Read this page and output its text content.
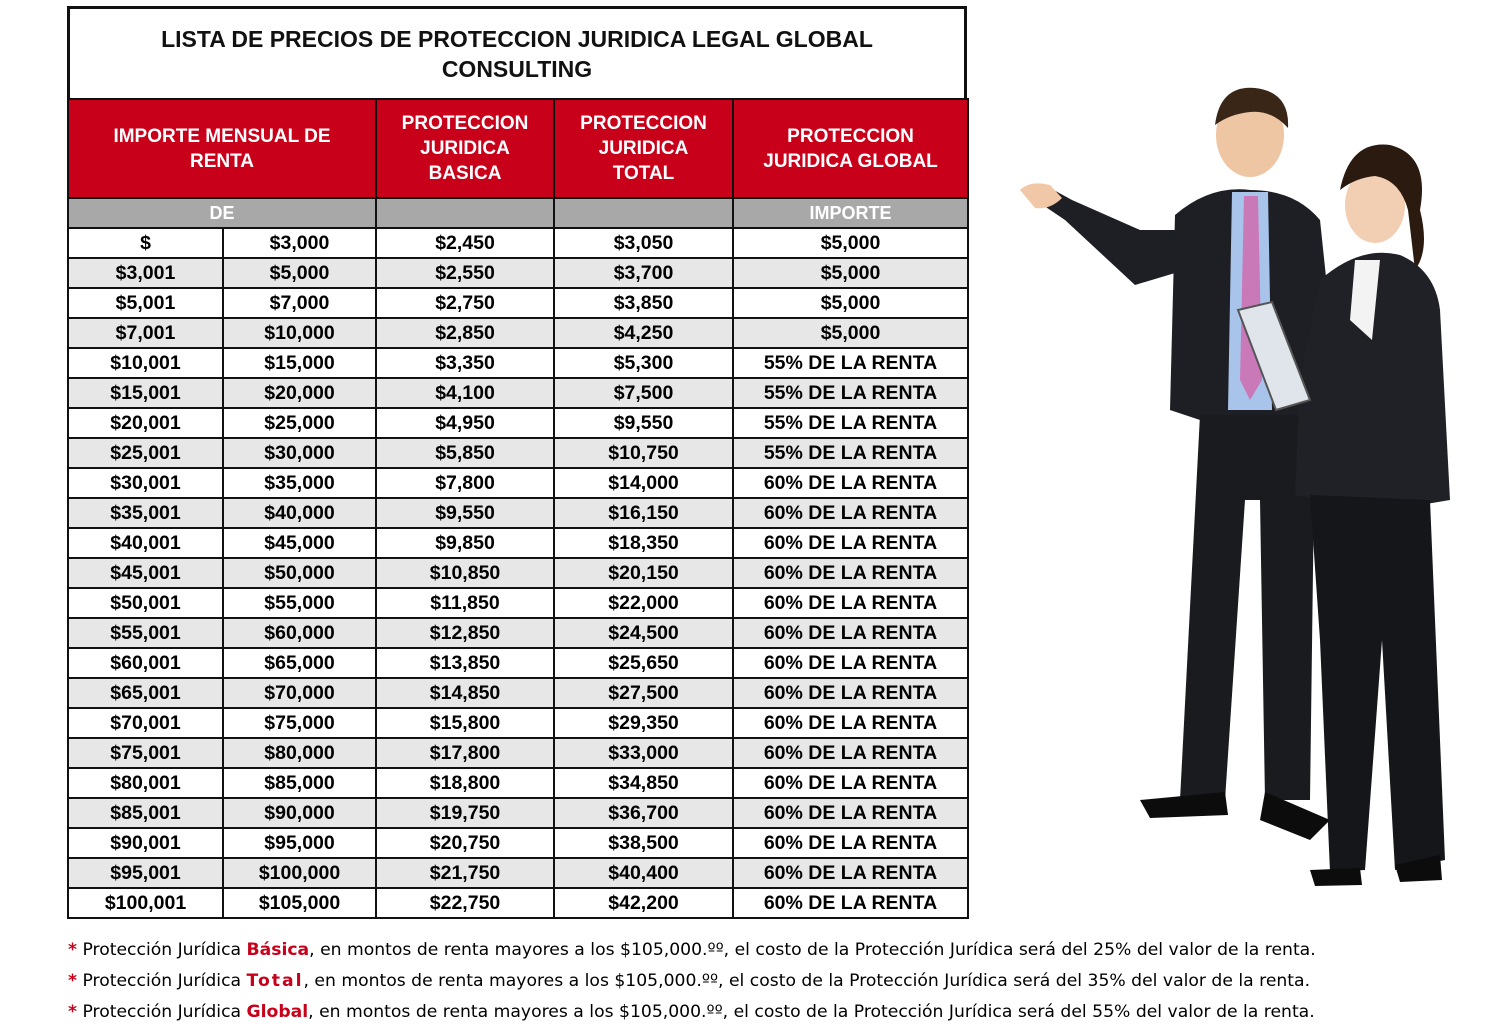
LISTA DE PRECIOS DE PROTECCION JURIDICA LEGAL GLOBAL
CONSULTING
IMPORTE MENSUAL DE RENTA		PROTECCION JURIDICA BASICA	PROTECCION JURIDICA TOTAL	PROTECCION JURIDICA GLOBAL
DE				IMPORTE
$	$3,000	$2,450	$3,050	$5,000
$3,001	$5,000	$2,550	$3,700	$5,000
$5,001	$7,000	$2,750	$3,850	$5,000
$7,001	$10,000	$2,850	$4,250	$5,000
$10,001	$15,000	$3,350	$5,300	55% DE LA RENTA
$15,001	$20,000	$4,100	$7,500	55% DE LA RENTA
$20,001	$25,000	$4,950	$9,550	55% DE LA RENTA
$25,001	$30,000	$5,850	$10,750	55% DE LA RENTA
$30,001	$35,000	$7,800	$14,000	60% DE LA RENTA
$35,001	$40,000	$9,550	$16,150	60% DE LA RENTA
$40,001	$45,000	$9,850	$18,350	60% DE LA RENTA
$45,001	$50,000	$10,850	$20,150	60% DE LA RENTA
$50,001	$55,000	$11,850	$22,000	60% DE LA RENTA
$55,001	$60,000	$12,850	$24,500	60% DE LA RENTA
$60,001	$65,000	$13,850	$25,650	60% DE LA RENTA
$65,001	$70,000	$14,850	$27,500	60% DE LA RENTA
$70,001	$75,000	$15,800	$29,350	60% DE LA RENTA
$75,001	$80,000	$17,800	$33,000	60% DE LA RENTA
$80,001	$85,000	$18,800	$34,850	60% DE LA RENTA
$85,001	$90,000	$19,750	$36,700	60% DE LA RENTA
$90,001	$95,000	$20,750	$38,500	60% DE LA RENTA
$95,001	$100,000	$21,750	$40,400	60% DE LA RENTA
$100,001	$105,000	$22,750	$42,200	60% DE LA RENTA
* Protección Jurídica Básica, en montos de renta mayores a los $105,000.ºº, el costo de la Protección Jurídica será del 25% del valor de la renta.
* Protección Jurídica Total, en montos de renta mayores a los $105,000.ºº, el costo de la Protección Jurídica será del 35% del valor de la renta.
* Protección Jurídica Global, en montos de renta mayores a los $105,000.ºº, el costo de la Protección Jurídica será del 55% del valor de la renta.
